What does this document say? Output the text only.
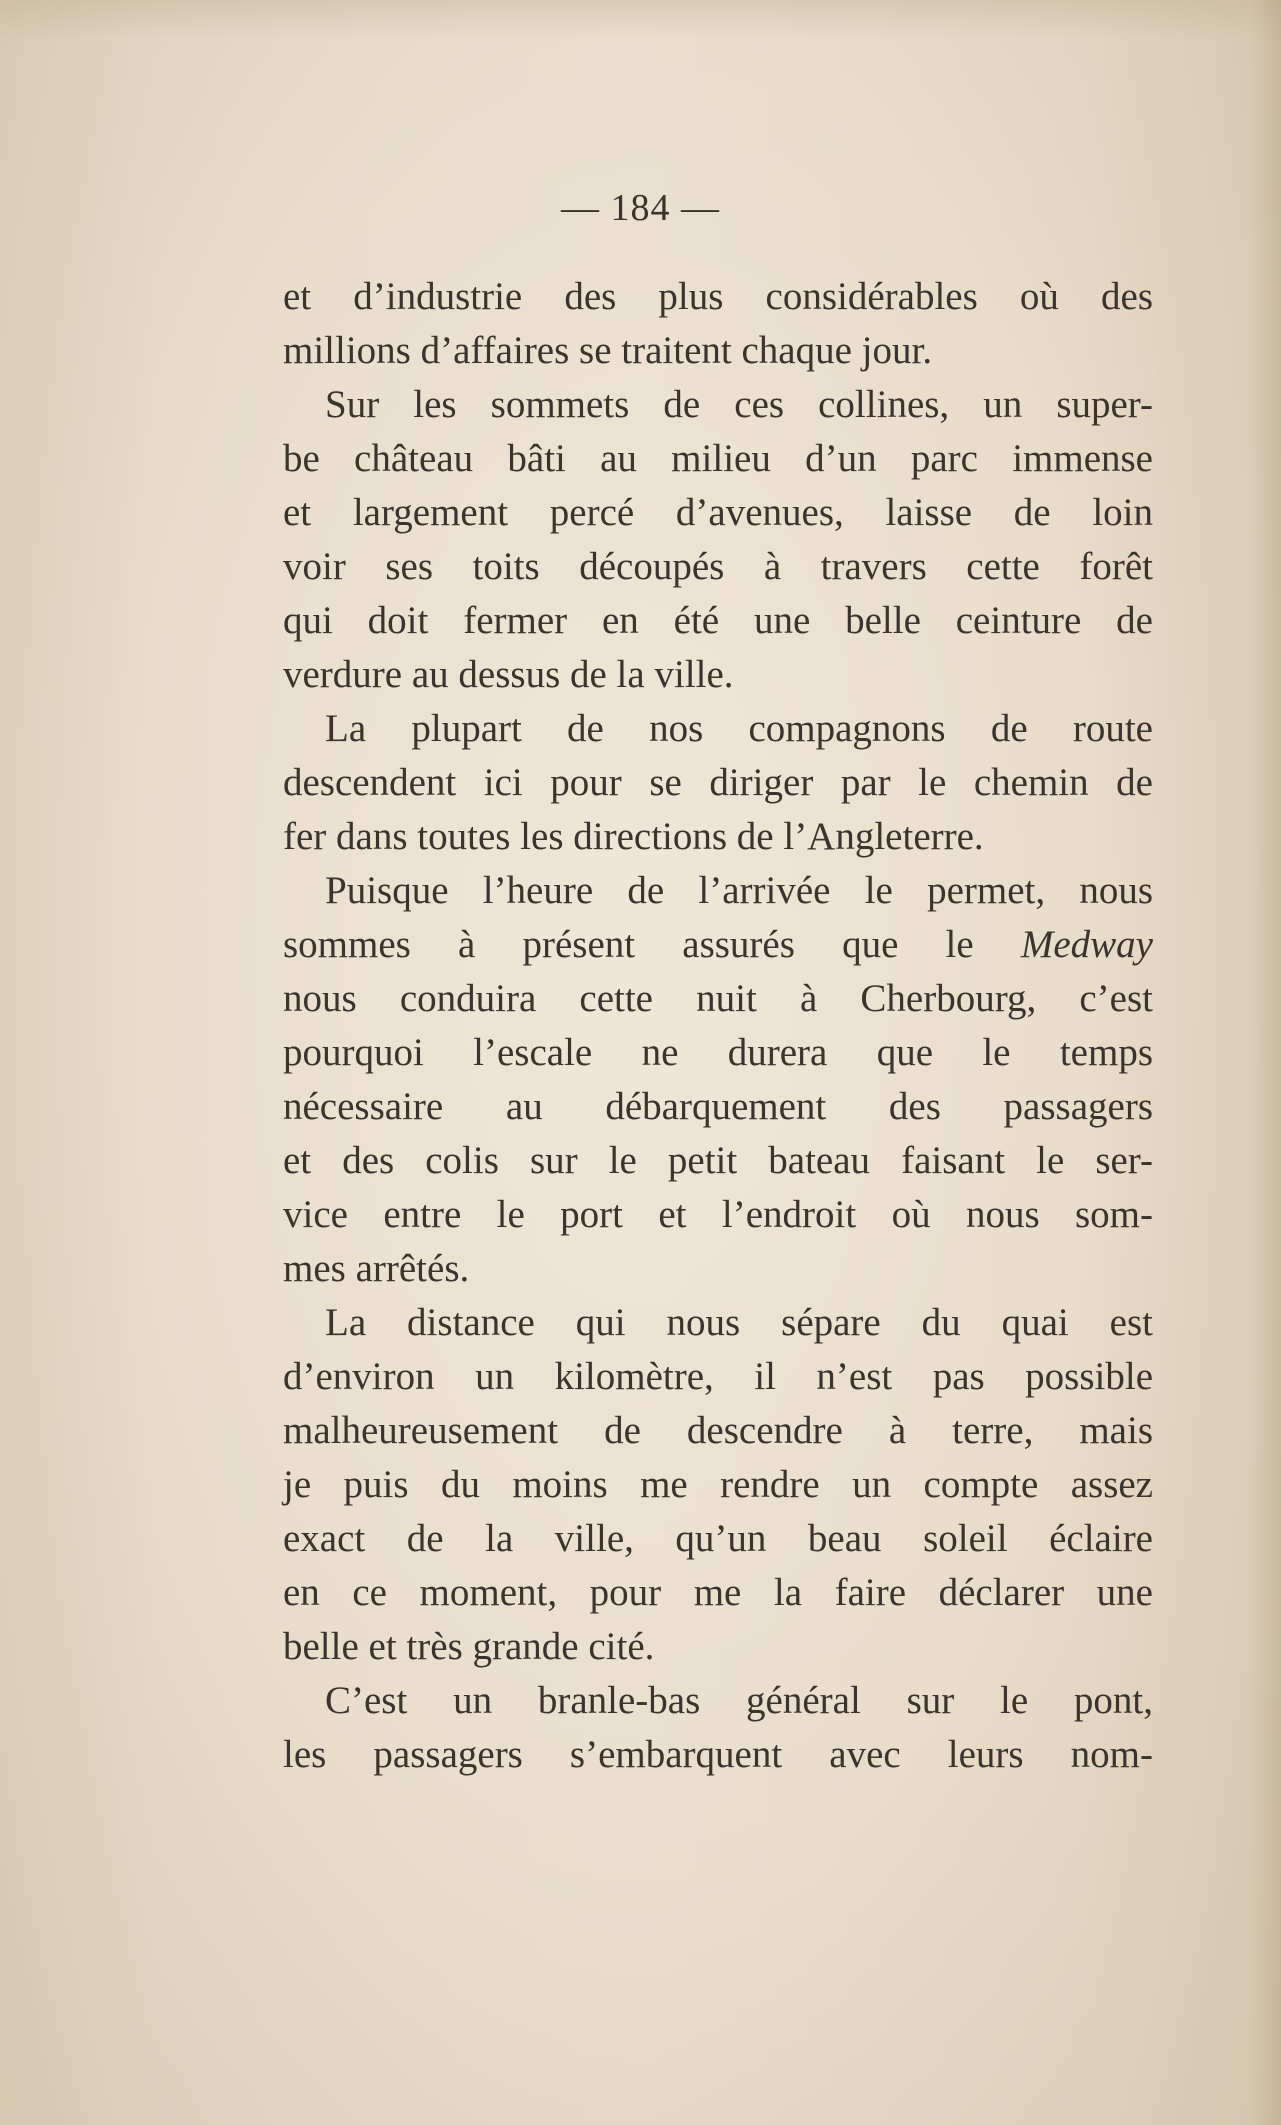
— 184 —
et d’industrie des plus considérables où des
millions d’affaires se traitent chaque jour.
Sur les sommets de ces collines, un super-
be château bâti au milieu d’un parc immense
et largement percé d’avenues, laisse de loin
voir ses toits découpés à travers cette forêt
qui doit fermer en été une belle ceinture de
verdure au dessus de la ville.
La plupart de nos compagnons de route
descendent ici pour se diriger par le chemin de
fer dans toutes les directions de l’Angleterre.
Puisque l’heure de l’arrivée le permet, nous
sommes à présent assurés que le Medway
nous conduira cette nuit à Cherbourg, c’est
pourquoi l’escale ne durera que le temps
nécessaire au débarquement des passagers
et des colis sur le petit bateau faisant le ser-
vice entre le port et l’endroit où nous som-
mes arrêtés.
La distance qui nous sépare du quai est
d’environ un kilomètre, il n’est pas possible
malheureusement de descendre à terre, mais
je puis du moins me rendre un compte assez
exact de la ville, qu’un beau soleil éclaire
en ce moment, pour me la faire déclarer une
belle et très grande cité.
C’est un branle-bas général sur le pont,
les passagers s’embarquent avec leurs nom-
